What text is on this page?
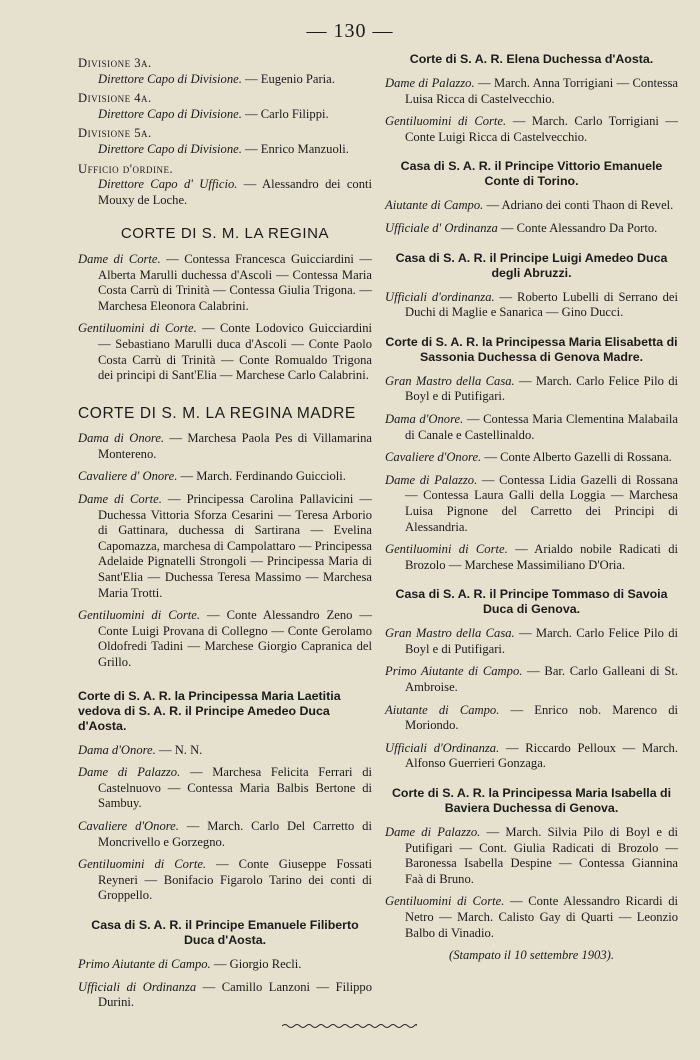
— 130 —
Divisione 3a.
Direttore Capo di Divisione. — Eugenio Paria.
Divisione 4a.
Direttore Capo di Divisione. — Carlo Filippi.
Divisione 5a.
Direttore Capo di Divisione. — Enrico Manzuoli.
Ufficio d'ordine.
Direttore Capo d' Ufficio. — Alessandro dei conti Mouxy de Loche.
CORTE DI S. M. LA REGINA
Dame di Corte. — Contessa Francesca Guicciardini — Alberta Marulli duchessa d'Ascoli — Contessa Maria Costa Carrù di Trinità — Contessa Giulia Trigona. — Marchesa Eleonora Calabrini.
Gentiluomini di Corte. — Conte Lodovico Guicciardini — Sebastiano Marulli duca d'Ascoli — Conte Paolo Costa Carrù di Trinità — Conte Romualdo Trigona dei principi di Sant'Elia — Marchese Carlo Calabrini.
CORTE DI S. M. LA REGINA MADRE
Dama di Onore. — Marchesa Paola Pes di Villamarina Montereno.
Cavaliere d' Onore. — March. Ferdinando Guiccioli.
Dame di Corte. — Principessa Carolina Pallavicini — Duchessa Vittoria Sforza Cesarini — Teresa Arborio di Gattinara, duchessa di Sartirana — Evelina Capomazza, marchesa di Campolattaro — Principessa Adelaide Pignatelli Strongoli — Principessa Maria di Sant'Elia — Duchessa Teresa Massimo — Marchesa Maria Trotti.
Gentiluomini di Corte. — Conte Alessandro Zeno — Conte Luigi Provana di Collegno — Conte Gerolamo Oldofredi Tadini — Marchese Giorgio Capranica del Grillo.
Corte di S. A. R. la Principessa Maria Laetitia vedova di S. A. R. il Principe Amedeo Duca d'Aosta.
Dama d'Onore. — N. N.
Dame di Palazzo. — Marchesa Felicita Ferrari di Castelnuovo — Contessa Maria Balbis Bertone di Sambuy.
Cavaliere d'Onore. — March. Carlo Del Carretto di Moncrivello e Gorzegno.
Gentiluomini di Corte. — Conte Giuseppe Fossati Reyneri — Bonifacio Figarolo Tarino dei conti di Groppello.
Casa di S. A. R. il Principe Emanuele Filiberto Duca d'Aosta.
Primo Aiutante di Campo. — Giorgio Recli.
Ufficiali di Ordinanza — Camillo Lanzoni — Filippo Durini.
Corte di S. A. R. Elena Duchessa d'Aosta.
Dame di Palazzo. — March. Anna Torrigiani — Contessa Luisa Ricca di Castelvecchio.
Gentiluomini di Corte. — March. Carlo Torrigiani — Conte Luigi Ricca di Castelvecchio.
Casa di S. A. R. il Principe Vittorio Emanuele Conte di Torino.
Aiutante di Campo. — Adriano dei conti Thaon di Revel.
Ufficiale d' Ordinanza — Conte Alessandro Da Porto.
Casa di S. A. R. il Principe Luigi Amedeo Duca degli Abruzzi.
Ufficiali d'ordinanza. — Roberto Lubelli di Serrano dei Duchi di Maglie e Sanarica — Gino Ducci.
Corte di S. A. R. la Principessa Maria Elisabetta di Sassonia Duchessa di Genova Madre.
Gran Mastro della Casa. — March. Carlo Felice Pilo di Boyl e di Putifigari.
Dama d'Onore. — Contessa Maria Clementina Malabaila di Canale e Castellinaldo.
Cavaliere d'Onore. — Conte Alberto Gazelli di Rossana.
Dame di Palazzo. — Contessa Lidia Gazelli di Rossana — Contessa Laura Galli della Loggia — Marchesa Luisa Pignone del Carretto dei Principi di Alessandria.
Gentiluomini di Corte. — Arialdo nobile Radicati di Brozolo — Marchese Massimiliano D'Oria.
Casa di S. A. R. il Principe Tommaso di Savoia Duca di Genova.
Gran Mastro della Casa. — March. Carlo Felice Pilo di Boyl e di Putifigari.
Primo Aiutante di Campo. — Bar. Carlo Galleani di St. Ambroise.
Aiutante di Campo. — Enrico nob. Marenco di Moriondo.
Ufficiali d'Ordinanza. — Riccardo Pelloux — March. Alfonso Guerrieri Gonzaga.
Corte di S. A. R. la Principessa Maria Isabella di Baviera Duchessa di Genova.
Dame di Palazzo. — March. Silvia Pilo di Boyl e di Putifigari — Cont. Giulia Radicati di Brozolo — Baronessa Isabella Despine — Contessa Giannina Faà di Bruno.
Gentiluomini di Corte. — Conte Alessandro Ricardi di Netro — March. Calisto Gay di Quarti — Leonzio Balbo di Vinadio.
(Stampato il 10 settembre 1903).
